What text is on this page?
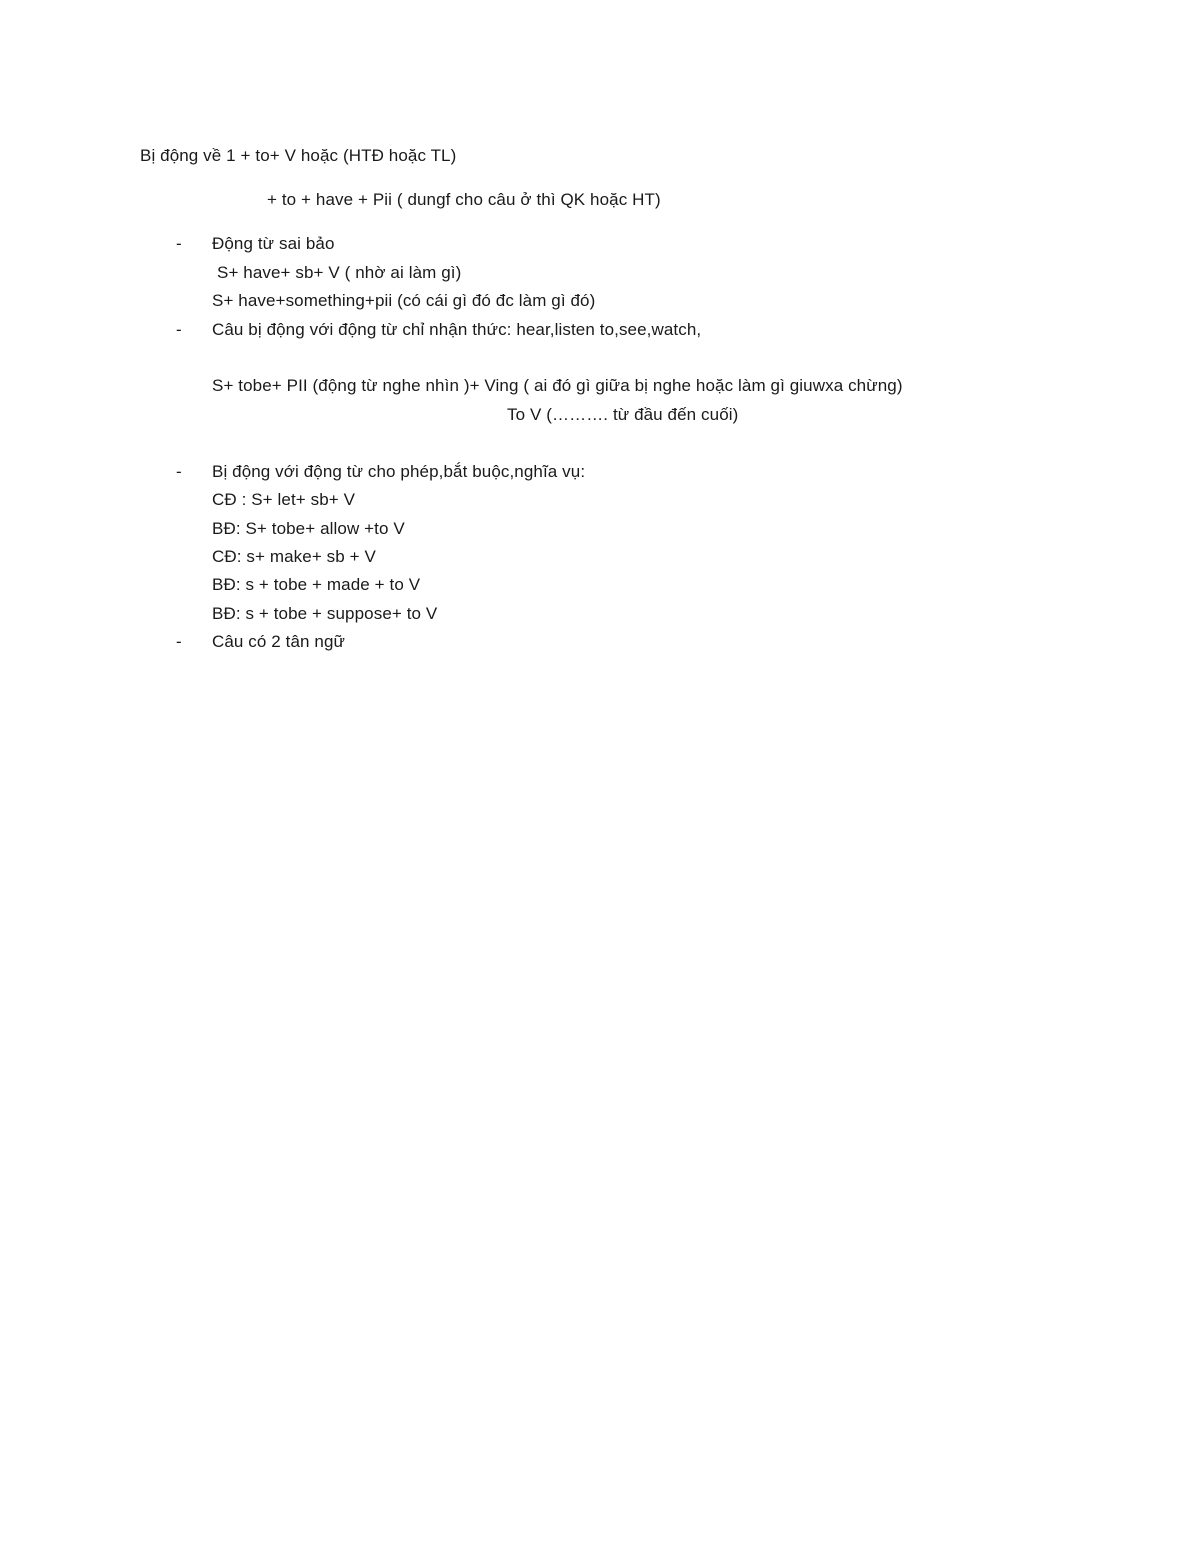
Bị động về 1 + to+ V hoặc (HTĐ hoặc TL)
+ to + have + Pii ( dungf cho câu ở thì QK hoặc HT)
- Động từ sai bảo
S+ have+ sb+ V ( nhờ ai làm gì)
S+ have+something+pii (có cái gì đó đc làm gì đó)
- Câu bị động với động từ chỉ nhận thức: hear,listen to,see,watch,
S+ tobe+ PII (động từ nghe nhìn )+ Ving ( ai đó gì giữa bị nghe hoặc làm gì giuwxa chừng)
To V (………. từ đầu đến cuối)
- Bị động với động từ cho phép,bắt buộc,nghĩa vụ:
CĐ : S+ let+ sb+ V
BĐ: S+ tobe+ allow +to V
CĐ: s+ make+ sb + V
BĐ: s + tobe + made + to V
BĐ: s + tobe + suppose+ to V
- Câu có 2 tân ngữ
